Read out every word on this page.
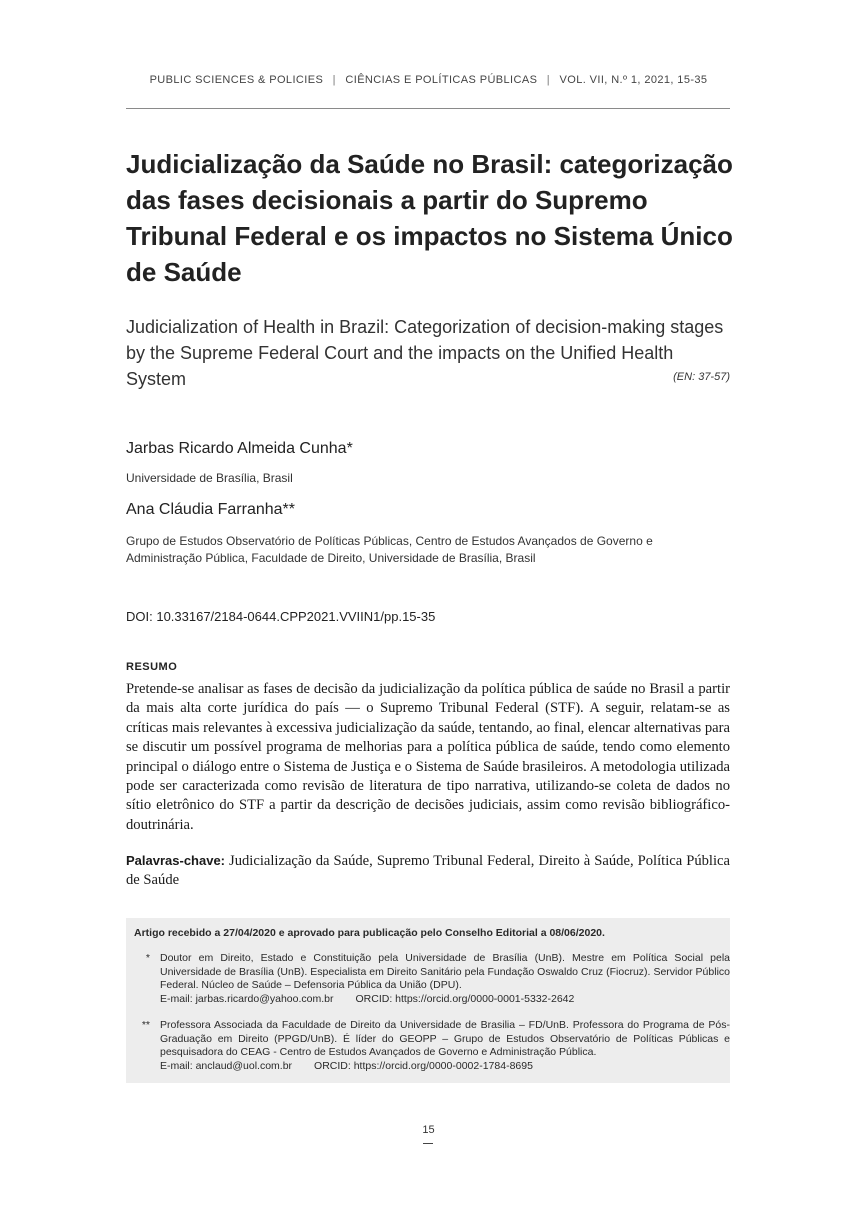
PUBLIC SCIENCES & POLICIES | CIÊNCIAS E POLÍTICAS PÚBLICAS | VOL. VII, N.º 1, 2021, 15-35
Judicialização da Saúde no Brasil: categorização das fases decisionais a partir do Supremo Tribunal Federal e os impactos no Sistema Único de Saúde
Judicialization of Health in Brazil: Categorization of decision-making stages by the Supreme Federal Court and the impacts on the Unified Health System	(EN: 37-57)
Jarbas Ricardo Almeida Cunha*
Universidade de Brasília, Brasil
Ana Cláudia Farranha**
Grupo de Estudos Observatório de Políticas Públicas, Centro de Estudos Avançados de Governo e Administração Pública, Faculdade de Direito, Universidade de Brasília, Brasil
DOI: 10.33167/2184-0644.CPP2021.VVIIN1/pp.15-35
RESUMO

Pretende-se analisar as fases de decisão da judicialização da política pública de saúde no Brasil a partir da mais alta corte jurídica do país — o Supremo Tribunal Federal (STF). A seguir, relatam-se as críticas mais relevantes à excessiva judicialização da saúde, tentando, ao final, elencar alternativas para se discutir um possível programa de melhorias para a política pública de saúde, tendo como elemento principal o diálogo entre o Sistema de Justiça e o Sistema de Saúde brasileiros. A metodologia utilizada pode ser caracterizada como revisão de literatura de tipo narrativa, utilizando-se coleta de dados no sítio eletrônico do STF a partir da descrição de decisões judiciais, assim como revisão bibliográfico-doutrinária.

Palavras-chave: Judicialização da Saúde, Supremo Tribunal Federal, Direito à Saúde, Política Pública de Saúde

Artigo recebido a 27/04/2020 e aprovado para publicação pelo Conselho Editorial a 08/06/2020.
* Doutor em Direito, Estado e Constituição pela Universidade de Brasília (UnB). Mestre em Política Social pela Universidade de Brasília (UnB). Especialista em Direito Sanitário pela Fundação Oswaldo Cruz (Fiocruz). Servidor Público Federal. Núcleo de Saúde – Defensoria Pública da União (DPU).
E-mail: jarbas.ricardo@yahoo.com.br ORCID: https://orcid.org/0000-0001-5332-2642
** Professora Associada da Faculdade de Direito da Universidade de Brasilia – FD/UnB. Professora do Programa de Pós-Graduação em Direito (PPGD/UnB). É líder do GEOPP – Grupo de Estudos Observatório de Políticas Públicas e pesquisadora do CEAG - Centro de Estudos Avançados de Governo e Administração Pública.
E-mail: anclaud@uol.com.br ORCID: https://orcid.org/0000-0002-1784-8695
15
